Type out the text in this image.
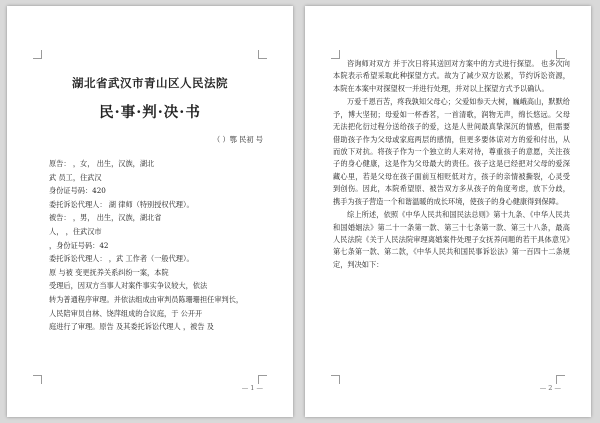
湖北省武汉市青山区人民法院
民·事·判·决·书
（ ）鄂 民初 号

原告： ，女， 出生，汉族，湖北

武 员工，住武汉

身份证号码：420

委托诉讼代理人： 湖 律师（特别授权代理）。

被告： ，男， 出生，汉族，湖北省

人， ，住武汉市

，身份证号码：42

委托诉讼代理人： ，武 工作者（一般代理）。

原 与被 变更抚养关系纠纷一案，本院

受理后，因双方当事人对案件事实争议较大，依法

转为普通程序审理。并依法组成由审判员陈珊珊担任审判长，

人民陪审员自林、饶萍组成的合议庭，于 公开开

庭进行了审理。原告 及其委托诉讼代理人 ，被告 及

— 1 —

咨询师对双方 并于次日将其送回对方案中的方式进行探望。 也多次向本院表示希望采取此种探望方式。故为了减少双方讼累，节约诉讼资源，本院在本案中对探望权一并进行处理，并对以上探望方式予以确认。

万爱千恩百苦，疼我孰知父母心；父爱如参天大树，巍峨高山，默默给予，博大坚韧；母爱如一杯香茗，一首清歌，润物无声，绵长悠远。父母无法把化衍过程分送给孩子的爱，这是人世间最真挚深沉的情感，但需要借助孩子作为父母或家庭两层的感情，但更多要体谅对方的爱和付出，从而放下对抗。将孩子作为一个独立的人来对待，尊重孩子的意愿，关注孩子的身心健康，这是作为父母最大的责任。孩子这是已经把对父母的爱深藏心里，若是父母在孩子面前互相贬低对方，孩子的亲情被撕裂，心灵受到创伤。因此，本院希望原、被告双方多从孩子的角度考虑，放下分歧，携手为孩子营造一个和谐温暖的成长环境，使孩子的身心健康得到保障。

综上所述，依照《中华人民共和国民法总则》第十九条、《中华人民共和国婚姻法》第二十一条第一款、第三十七条第一款、第三十八条，最高人民法院《关于人民法院审理离婚案件处理子女抚养问题的若干具体意见》第七条第一款、第二款，《中华人民共和国民事诉讼法》第一百四十二条规定，判决如下：

— 2 —
